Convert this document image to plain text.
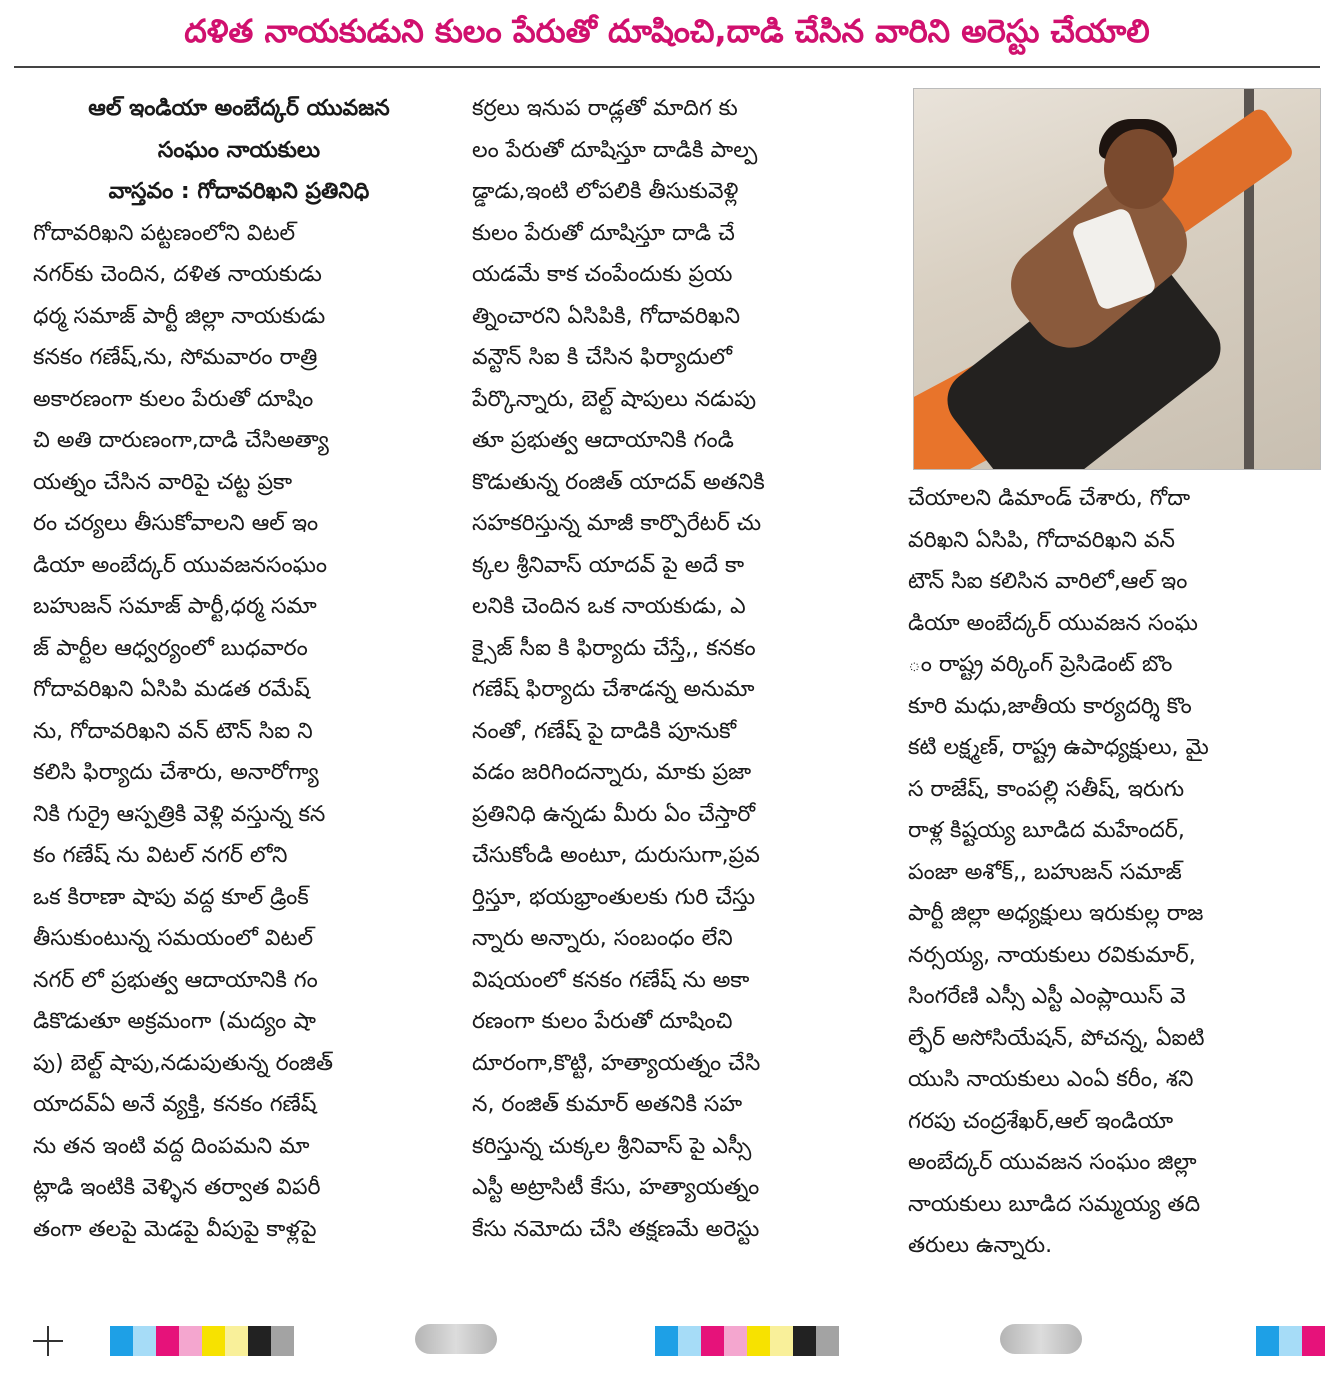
దళిత నాయకుడుని కులం పేరుతో దూషించి,దాడి చేసిన వారిని అరెస్టు చేయాలి
ఆల్ ఇండియా అంబేద్కర్ యువజన
సంఘం నాయకులు
వాస్తవం : గోదావరిఖని ప్రతినిధి
గోదావరిఖని పట్టణంలోని విటల్
నగర్‌కు చెందిన, దళిత నాయకుడు
ధర్మ సమాజ్ పార్టీ జిల్లా నాయకుడు
కనకం గణేష్,ను, సోమవారం రాత్రి
అకారణంగా కులం పేరుతో దూషిం
చి అతి దారుణంగా,దాడి చేసిఅత్యా
యత్నం చేసిన వారిపై చట్ట ప్రకా
రం చర్యలు తీసుకోవాలని ఆల్ ఇం
డియా అంబేద్కర్ యువజనసంఘం
బహుజన్ సమాజ్ పార్టీ,ధర్మ సమా
జ్ పార్టీల ఆధ్వర్యంలో బుధవారం
గోదావరిఖని ఏసిపి మడత రమేష్
ను, గోదావరిఖని వన్ టౌన్ సిఐ ని
కలిసి ఫిర్యాదు చేశారు, అనారోగ్యా
నికి గుర్రై ఆస్పత్రికి వెళ్లి వస్తున్న కన
కం గణేష్ ను విటల్ నగర్ లోని
ఒక కిరాణా షాపు వద్ద కూల్ డ్రింక్
తీసుకుంటున్న సమయంలో విటల్
నగర్ లో ప్రభుత్వ ఆదాయానికి గం
డికొడుతూ అక్రమంగా (మద్యం షా
పు) బెల్ట్ షాపు,నడుపుతున్న రంజిత్
యాదవ్‌ఏ అనే వ్యక్తి, కనకం గణేష్
ను తన ఇంటి వద్ద దింపమని మా
ట్లాడి ఇంటికి వెళ్ళిన తర్వాత విపరీ
తంగా తలపై మెడపై వీపుపై కాళ్లపై
కర్రలు ఇనుప రాడ్లతో మాదిగ కు
లం పేరుతో దూషిస్తూ దాడికి పాల్ప
డ్డాడు,ఇంటి లోపలికి తీసుకువెళ్లి
కులం పేరుతో దూషిస్తూ దాడి చే
యడమే కాక చంపేందుకు ప్రయ
త్నించారని ఏసిపికి, గోదావరిఖని
వన్టౌన్ సిఐ కి చేసిన ఫిర్యాదులో
పేర్కొన్నారు, బెల్ట్ షాపులు నడుపు
తూ ప్రభుత్వ ఆదాయానికి గండి
కొడుతున్న రంజిత్ యాదవ్ అతనికి
సహకరిస్తున్న మాజీ కార్పొరేటర్ చు
క్కల శ్రీనివాస్ యాదవ్ పై అదే కా
లనికి చెందిన ఒక నాయకుడు, ఎ
క్సైజ్ సీఐ కి ఫిర్యాదు చేస్తే,, కనకం
గణేష్ ఫిర్యాదు చేశాడన్న అనుమా
నంతో, గణేష్ పై దాడికి పూనుకో
వడం జరిగిందన్నారు, మాకు ప్రజా
ప్రతినిధి ఉన్నడు మీరు ఏం చేస్తారో
చేసుకోండి అంటూ, దురుసుగా,ప్రవ
ర్తిస్తూ, భయభ్రాంతులకు గురి చేస్తు
న్నారు అన్నారు, సంబంధం లేని
విషయంలో కనకం గణేష్ ను అకా
రణంగా కులం పేరుతో దూషించి
దూరంగా,కొట్టి, హత్యాయత్నం చేసి
న, రంజిత్ కుమార్ అతనికి సహ
కరిస్తున్న చుక్కల శ్రీనివాస్ పై ఎస్సీ
ఎస్టీ అట్రాసిటీ కేసు, హత్యాయత్నం
కేసు నమోదు చేసి తక్షణమే అరెస్టు
చేయాలని డిమాండ్ చేశారు, గోదా
వరిఖని ఏసిపి, గోదావరిఖని వన్
టౌన్ సిఐ కలిసిన వారిలో,ఆల్ ఇం
డియా అంబేద్కర్ యువజన సంఘ
ం రాష్ట్ర వర్కింగ్ ప్రెసిడెంట్ బొం
కూరి మధు,జాతీయ కార్యదర్శి కొం
కటి లక్ష్మణ్, రాష్ట్ర ఉపాధ్యక్షులు, మై
స రాజేష్, కాంపల్లి సతీష్, ఇరుగు
రాళ్ల కిష్టయ్య బూడిద మహేందర్,
పంజా అశోక్,, బహుజన్ సమాజ్
పార్టీ జిల్లా అధ్యక్షులు ఇరుకుల్ల రాజ
నర్సయ్య, నాయకులు రవికుమార్,
సింగరేణి ఎస్సీ ఎస్టీ ఎంప్లాయిస్ వె
ల్ఫేర్ అసోసియేషన్, పోచన్న, ఏఐటి
యుసి నాయకులు ఎంఏ కరీం, శని
గరపు చంద్రశేఖర్,ఆల్ ఇండియా
అంబేద్కర్ యువజన సంఘం జిల్లా
నాయకులు బూడిద సమ్మయ్య తది
తరులు ఉన్నారు.
